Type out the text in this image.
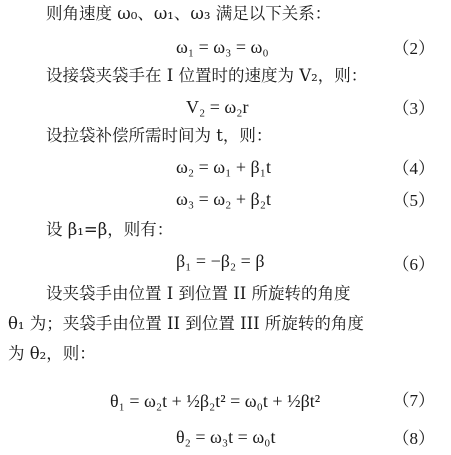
则角速度 ω₀、ω₁、ω₃ 满足以下关系：
设接袋夹袋手在 I 位置时的速度为 V₂，则：
设拉袋补偿所需时间为 t，则：
设 β₁=β，则有：
设夹袋手由位置 I 到位置 II 所旋转的角度
θ₁ 为；夹袋手由位置 II 到位置 III 所旋转的角度
为 θ₂，则：
ω₁ = ω₃ = ω₀	（2）
V₂ = ω₂r	（3）
ω₂ = ω₁ + β₁t	（4）
ω₃ = ω₂ + β₂t	（5）
β₁ = −β₂ = β	（6）
θ₁ = ω₂t + ½β₂t² = ω₀t + ½βt²	（7）
θ₂ = ω₃t = ω₀t	（8）
